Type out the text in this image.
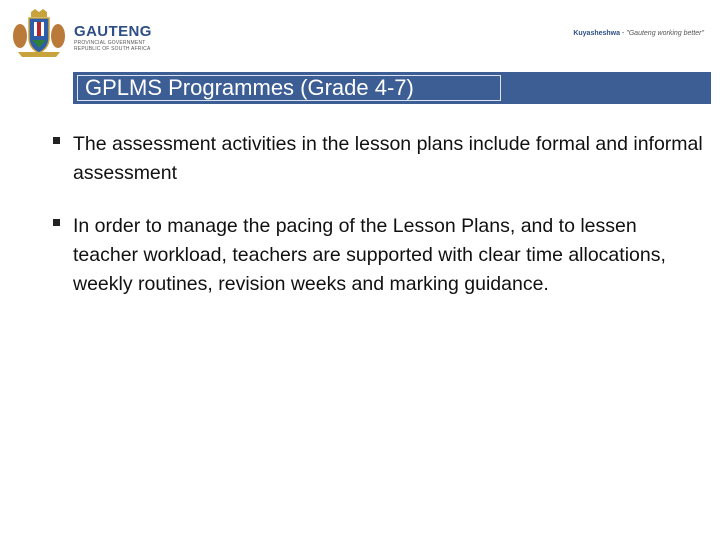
GAUTENG
PROVINCIAL GOVERNMENT
REPUBLIC OF SOUTH AFRICA
Kuyasheshwa - "Gauteng working better"
GPLMS Programmes (Grade 4-7)
The assessment activities in the lesson plans include formal and informal assessment
In order to manage the pacing of the Lesson Plans, and to lessen teacher workload, teachers are supported with clear time allocations, weekly routines, revision weeks and marking guidance.
